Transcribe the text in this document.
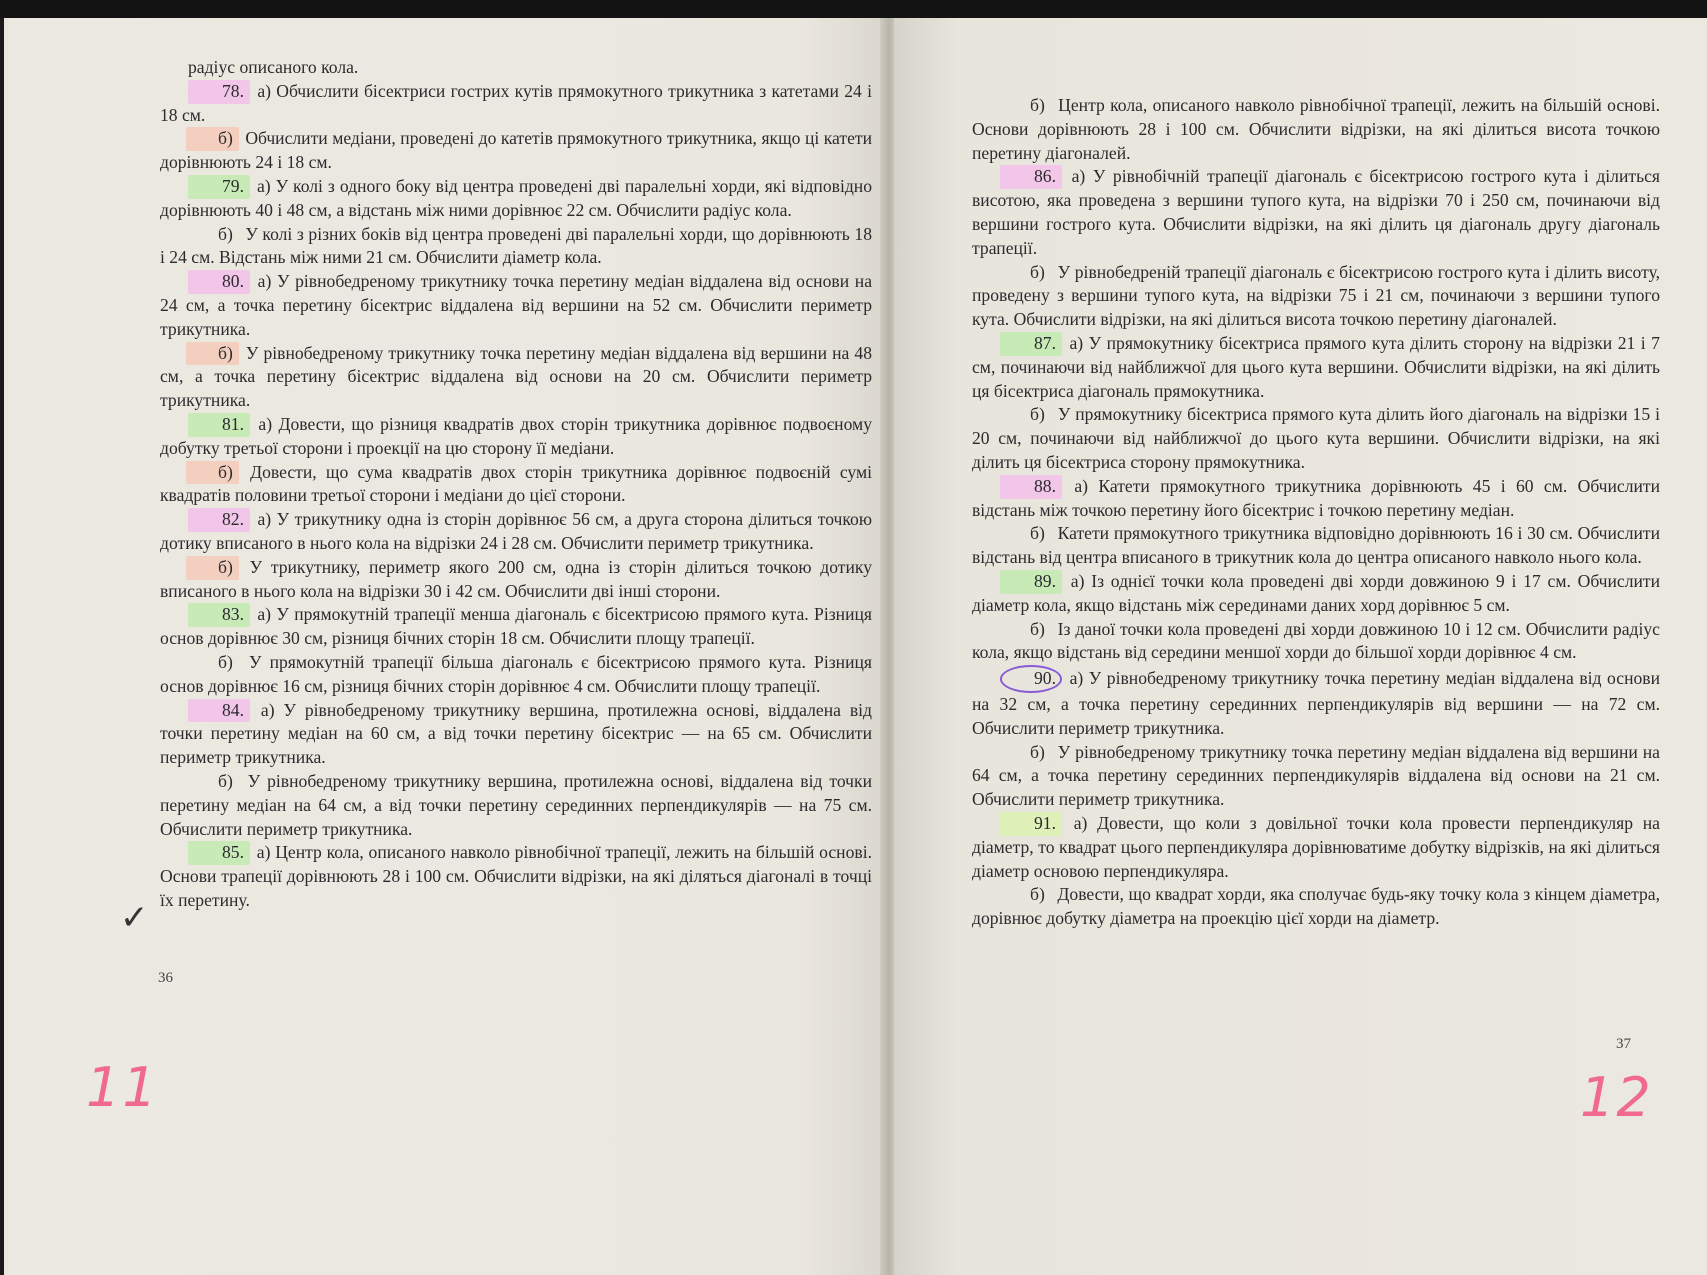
радіус описаного кола.

78. а) Обчислити бісектриси гострих кутів прямокутного трикутника з катетами 24 і 18 см.

б) Обчислити медіани, проведені до катетів прямокутного трикутника, якщо ці катети дорівнюють 24 і 18 см.

79. а) У колі з одного боку від центра проведені дві паралельні хорди, які відповідно дорівнюють 40 і 48 см, а відстань між ними дорівнює 22 см. Обчислити радіус кола.

б) У колі з різних боків від центра проведені дві паралельні хорди, що дорівнюють 18 і 24 см. Відстань між ними 21 см. Обчислити діаметр кола.

80. а) У рівнобедреному трикутнику точка перетину медіан віддалена від основи на 24 см, а точка перетину бісектрис віддалена від вершини на 52 см. Обчислити периметр трикутника.

б) У рівнобедреному трикутнику точка перетину медіан віддалена від вершини на 48 см, а точка перетину бісектрис віддалена від основи на 20 см. Обчислити периметр трикутника.

81. а) Довести, що різниця квадратів двох сторін трикутника дорівнює подвоєному добутку третьої сторони і проекції на цю сторону її медіани.

б) Довести, що сума квадратів двох сторін трикутника дорівнює подвоєній сумі квадратів половини третьої сторони і медіани до цієї сторони.

82. а) У трикутнику одна із сторін дорівнює 56 см, а друга сторона ділиться точкою дотику вписаного в нього кола на відрізки 24 і 28 см. Обчислити периметр трикутника.

б) У трикутнику, периметр якого 200 см, одна із сторін ділиться точкою дотику вписаного в нього кола на відрізки 30 і 42 см. Обчислити дві інші сторони.

83. а) У прямокутній трапеції менша діагональ є бісектрисою прямого кута. Різниця основ дорівнює 30 см, різниця бічних сторін 18 см. Обчислити площу трапеції.

б) У прямокутній трапеції більша діагональ є бісектрисою прямого кута. Різниця основ дорівнює 16 см, різниця бічних сторін дорівнює 4 см. Обчислити площу трапеції.

84. а) У рівнобедреному трикутнику вершина, протилежна основі, віддалена від точки перетину медіан на 60 см, а від точки перетину бісектрис — на 65 см. Обчислити периметр трикутника.

б) У рівнобедреному трикутнику вершина, протилежна основі, віддалена від точки перетину медіан на 64 см, а від точки перетину серединних перпендикулярів — на 75 см. Обчислити периметр трикутника.

85. а) Центр кола, описаного навколо рівнобічної трапеції, лежить на більшій основі. Основи трапеції дорівнюють 28 і 100 см. Обчислити відрізки, на які діляться діагоналі в точці їх перетину.

36
✓
11

б) Центр кола, описаного навколо рівнобічної трапеції, лежить на більшій основі. Основи дорівнюють 28 і 100 см. Обчислити відрізки, на які ділиться висота точкою перетину діагоналей.

86. а) У рівнобічній трапеції діагональ є бісектрисою гострого кута і ділиться висотою, яка проведена з вершини тупого кута, на відрізки 70 і 250 см, починаючи від вершини гострого кута. Обчислити відрізки, на які ділить ця діагональ другу діагональ трапеції.

б) У рівнобедреній трапеції діагональ є бісектрисою гострого кута і ділить висоту, проведену з вершини тупого кута, на відрізки 75 і 21 см, починаючи з вершини тупого кута. Обчислити відрізки, на які ділиться висота точкою перетину діагоналей.

87. а) У прямокутнику бісектриса прямого кута ділить сторону на відрізки 21 і 7 см, починаючи від найближчої для цього кута вершини. Обчислити відрізки, на які ділить ця бісектриса діагональ прямокутника.

б) У прямокутнику бісектриса прямого кута ділить його діагональ на відрізки 15 і 20 см, починаючи від найближчої до цього кута вершини. Обчислити відрізки, на які ділить ця бісектриса сторону прямокутника.

88. а) Катети прямокутного трикутника дорівнюють 45 і 60 см. Обчислити відстань між точкою перетину його бісектрис і точкою перетину медіан.

б) Катети прямокутного трикутника відповідно дорівнюють 16 і 30 см. Обчислити відстань від центра вписаного в трикутник кола до центра описаного навколо нього кола.

89. а) Із однієї точки кола проведені дві хорди довжиною 9 і 17 см. Обчислити діаметр кола, якщо відстань між серединами даних хорд дорівнює 5 см.

б) Із даної точки кола проведені дві хорди довжиною 10 і 12 см. Обчислити радіус кола, якщо відстань від середини меншої хорди до більшої хорди дорівнює 4 см.

90. а) У рівнобедреному трикутнику точка перетину медіан віддалена від основи на 32 см, а точка перетину серединних перпендикулярів від вершини — на 72 см. Обчислити периметр трикутника.

б) У рівнобедреному трикутнику точка перетину медіан віддалена від вершини на 64 см, а точка перетину серединних перпендикулярів віддалена від основи на 21 см. Обчислити периметр трикутника.

91. а) Довести, що коли з довільної точки кола провести перпендикуляр на діаметр, то квадрат цього перпендикуляра дорівнюватиме добутку відрізків, на які ділиться діаметр основою перпендикуляра.

б) Довести, що квадрат хорди, яка сполучає будь-яку точку кола з кінцем діаметра, дорівнює добутку діаметра на проекцію цієї хорди на діаметр.

37
12
